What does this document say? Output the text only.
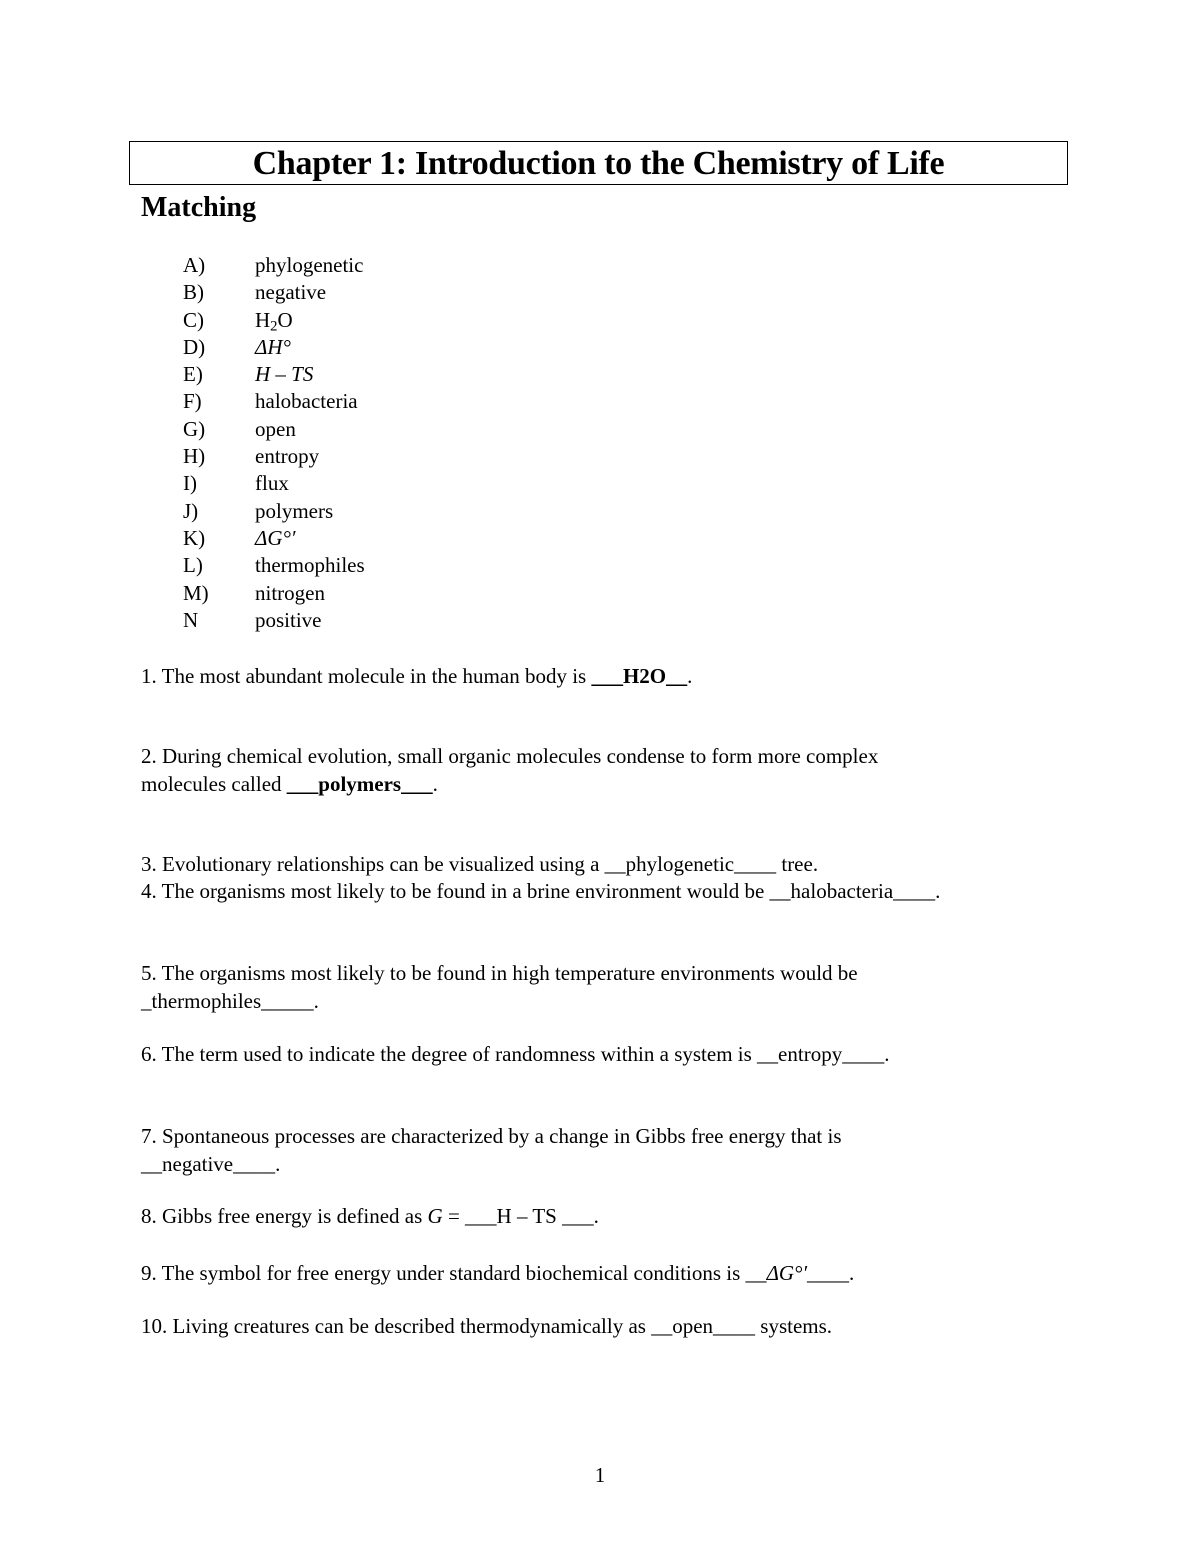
Chapter 1: Introduction to the Chemistry of Life
Matching
A) phylogenetic
B) negative
C) $H_2O$
D) ΔH°
E) H – TS
F)	halobacteria
G) open
H) entropy
I)	flux
J)	polymers
K) ΔG°′
L) thermophiles
M) nitrogen
N	positive
1. The most abundant molecule in the human body is ___H2O__.
2. During chemical evolution, small organic molecules condense to form more complex
molecules called ___polymers___.
3. Evolutionary relationships can be visualized using a __phylogenetic____ tree.
4. The organisms most likely to be found in a brine environment would be __halobacteria____.
5. The organisms most likely to be found in high temperature environments would be
_thermophiles_____.
6. The term used to indicate the degree of randomness within a system is __entropy____.
7. Spontaneous processes are characterized by a change in Gibbs free energy that is
__negative____.
8. Gibbs free energy is defined as G = ___H – TS ___.
9. The symbol for free energy under standard biochemical conditions is __ΔG°′____.
10. Living creatures can be described thermodynamically as __open____ systems.
1
